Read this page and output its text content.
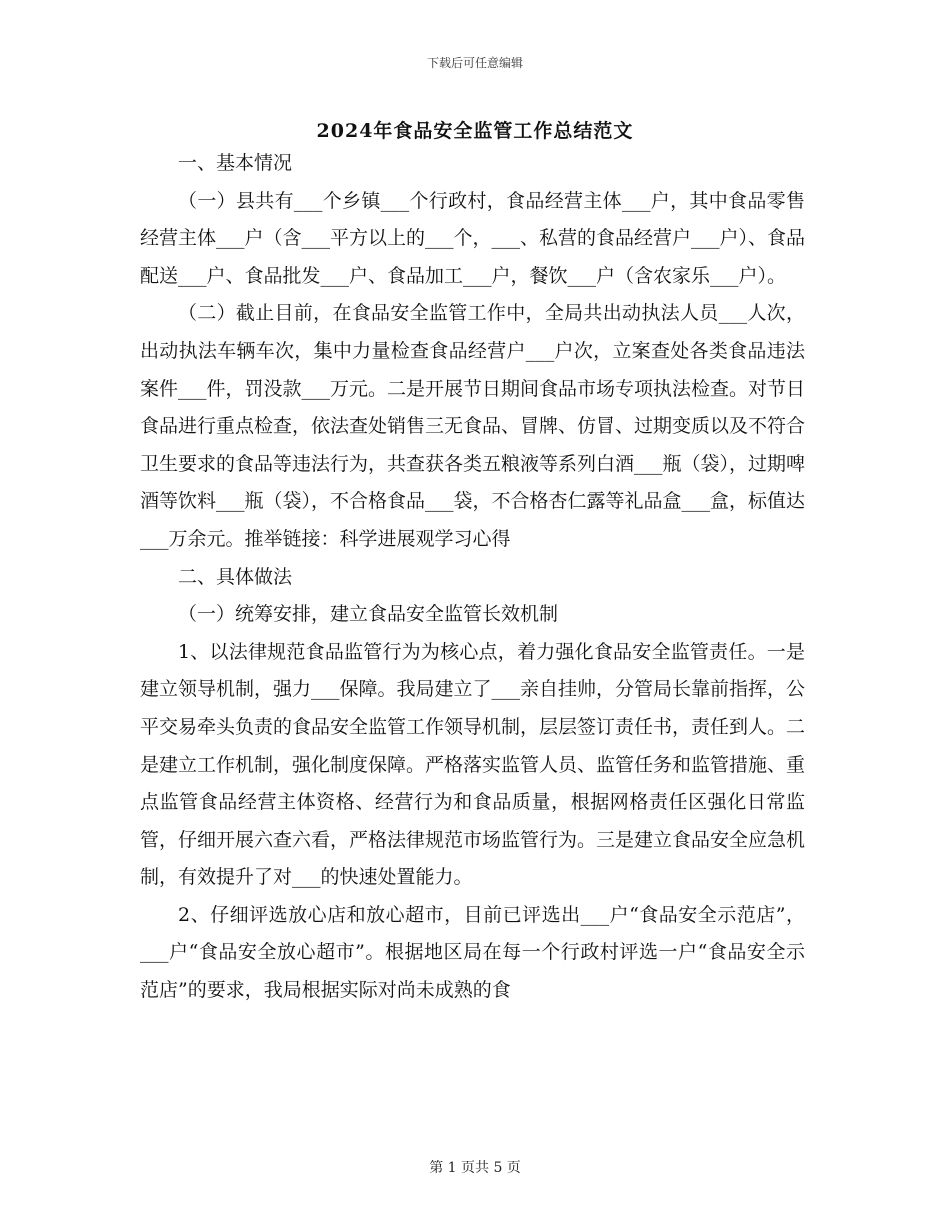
下载后可任意编辑
2024年食品安全监管工作总结范文

一、基本情况

（一）县共有___个乡镇___个行政村，食品经营主体___户，其中食品零售经营主体___户（含___平方以上的___个，___、私营的食品经营户___户）、食品配送___户、食品批发___户、食品加工___户，餐饮___户（含农家乐___户）。

（二）截止目前，在食品安全监管工作中，全局共出动执法人员___人次，出动执法车辆车次，集中力量检查食品经营户___户次，立案查处各类食品违法案件___件，罚没款___万元。二是开展节日期间食品市场专项执法检查。对节日食品进行重点检查，依法查处销售三无食品、冒牌、仿冒、过期变质以及不符合卫生要求的食品等违法行为，共查获各类五粮液等系列白酒___瓶（袋），过期啤酒等饮料___瓶（袋），不合格食品___袋，不合格杏仁露等礼品盒___盒，标值达___万余元。推举链接：科学进展观学习心得

二、具体做法

（一）统筹安排，建立食品安全监管长效机制

1、以法律规范食品监管行为为核心点，着力强化食品安全监管责任。一是建立领导机制，强力___保障。我局建立了___亲自挂帅，分管局长靠前指挥，公平交易牵头负责的食品安全监管工作领导机制，层层签订责任书，责任到人。二是建立工作机制，强化制度保障。严格落实监管人员、监管任务和监管措施、重点监管食品经营主体资格、经营行为和食品质量，根据网格责任区强化日常监管，仔细开展六查六看，严格法律规范市场监管行为。三是建立食品安全应急机制，有效提升了对___的快速处置能力。

2、仔细评选放心店和放心超市，目前已评选出___户“食品安全示范店”，___户“食品安全放心超市”。根据地区局在每一个行政村评选一户“食品安全示范店”的要求，我局根据实际对尚未成熟的食

第 1 页共 5 页
